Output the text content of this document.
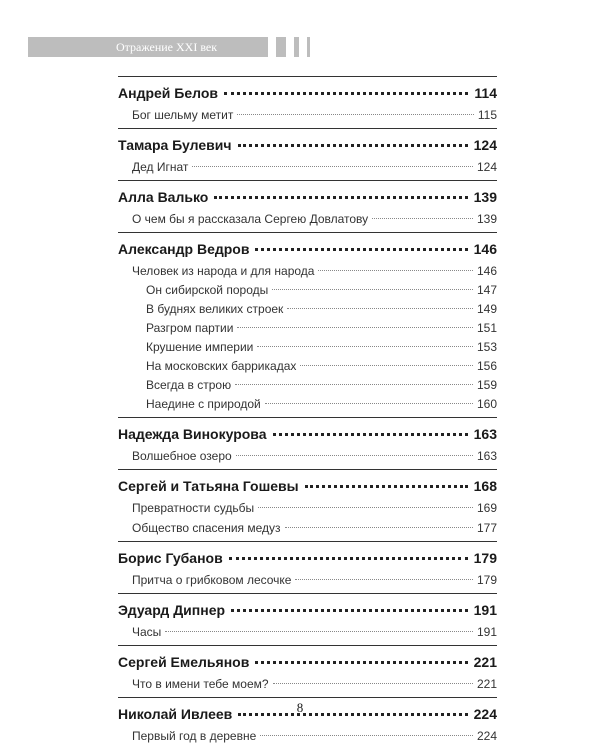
Отражение XXI век
Андрей Белов	114
Бог шельму метит	115
Тамара Булевич	124
Дед Игнат	124
Алла Валько	139
О чем бы я рассказала Сергею Довлатову	139
Александр Ведров	146
Человек из народа и для народа	146
Он сибирской породы	147
В буднях великих строек	149
Разгром партии	151
Крушение империи	153
На московских баррикадах	156
Всегда в строю	159
Наедине с природой	160
Надежда Винокурова	163
Волшебное озеро	163
Сергей и Татьяна Гошевы	168
Превратности судьбы	169
Общество спасения медуз	177
Борис Губанов	179
Притча о грибковом лесочке	179
Эдуард Дипнер	191
Часы	191
Сергей Емельянов	221
Что в имени тебе моем?	221
Николай Ивлеев	224
Первый год в деревне	224
8
